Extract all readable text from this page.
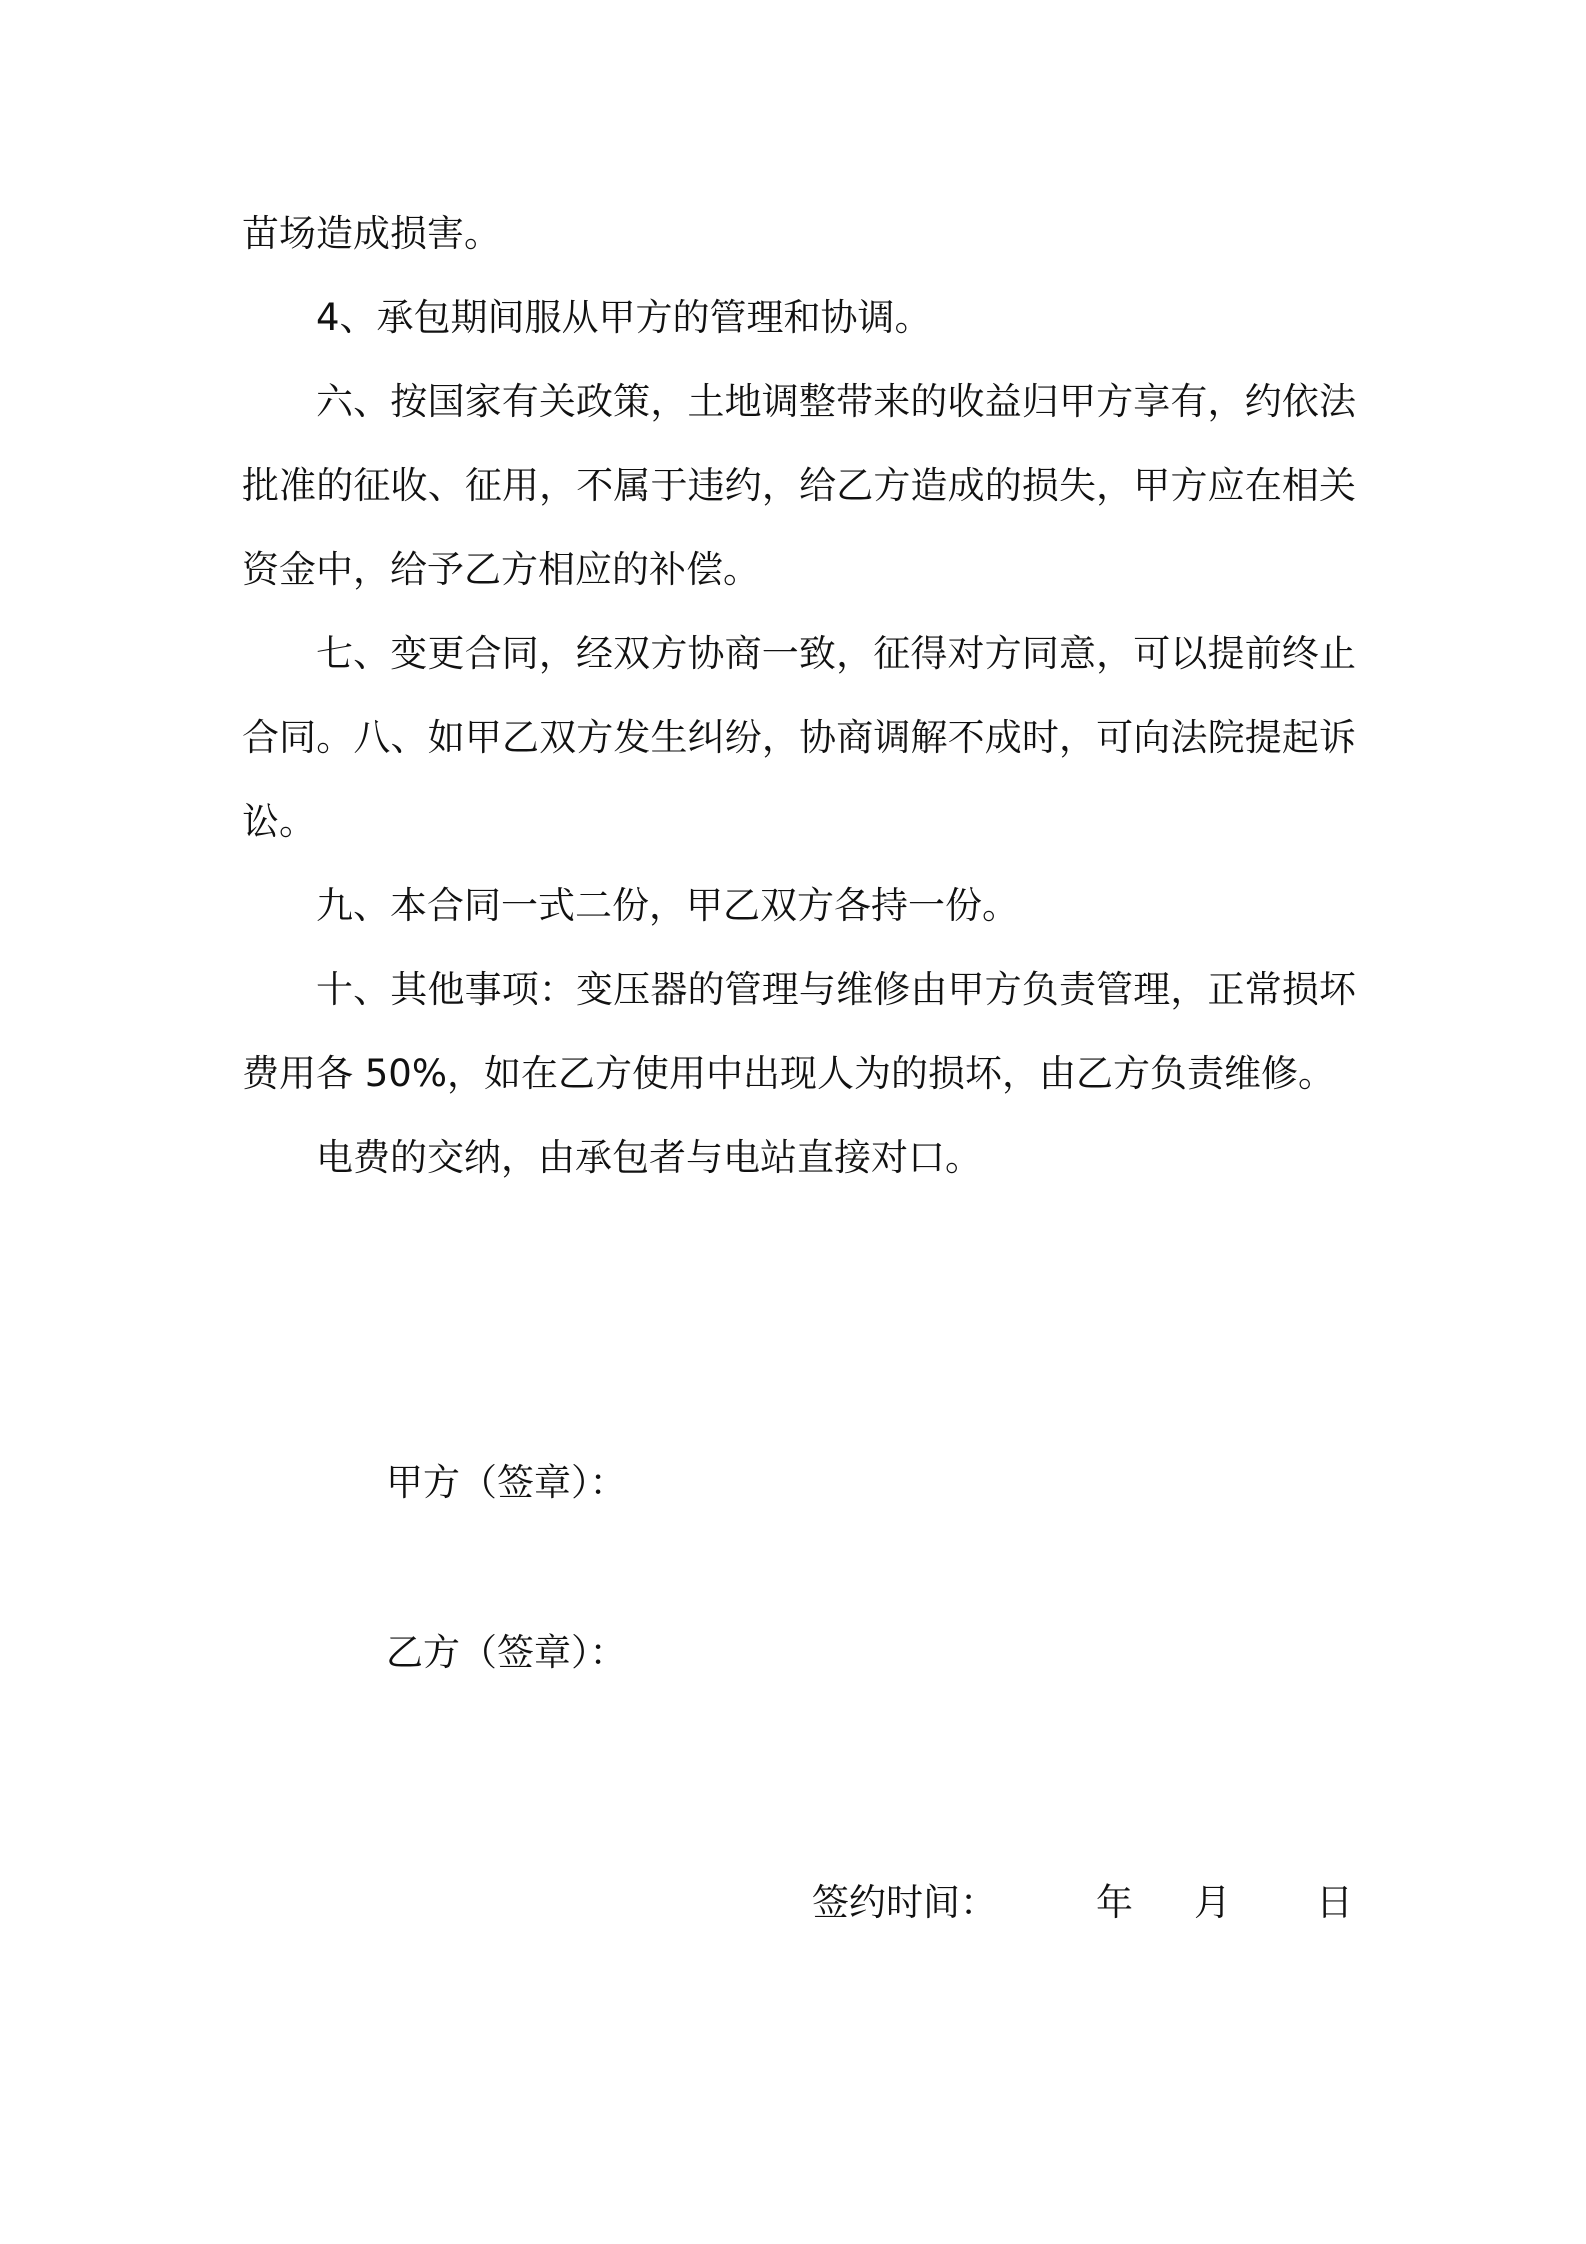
苗场造成损害。

4、承包期间服从甲方的管理和协调。

六、按国家有关政策，土地调整带来的收益归甲方享有，约依法批准的征收、征用，不属于违约，给乙方造成的损失，甲方应在相关资金中，给予乙方相应的补偿。

七、变更合同，经双方协商一致，征得对方同意，可以提前终止合同。八、如甲乙双方发生纠纷，协商调解不成时，可向法院提起诉讼。

九、本合同一式二份，甲乙双方各持一份。

十、其他事项：变压器的管理与维修由甲方负责管理，正常损坏费用各 50%，如在乙方使用中出现人为的损坏，由乙方负责维修。

电费的交纳，由承包者与电站直接对口。

甲方（签章）：
乙方（签章）：
签约时间：	年 月 日
